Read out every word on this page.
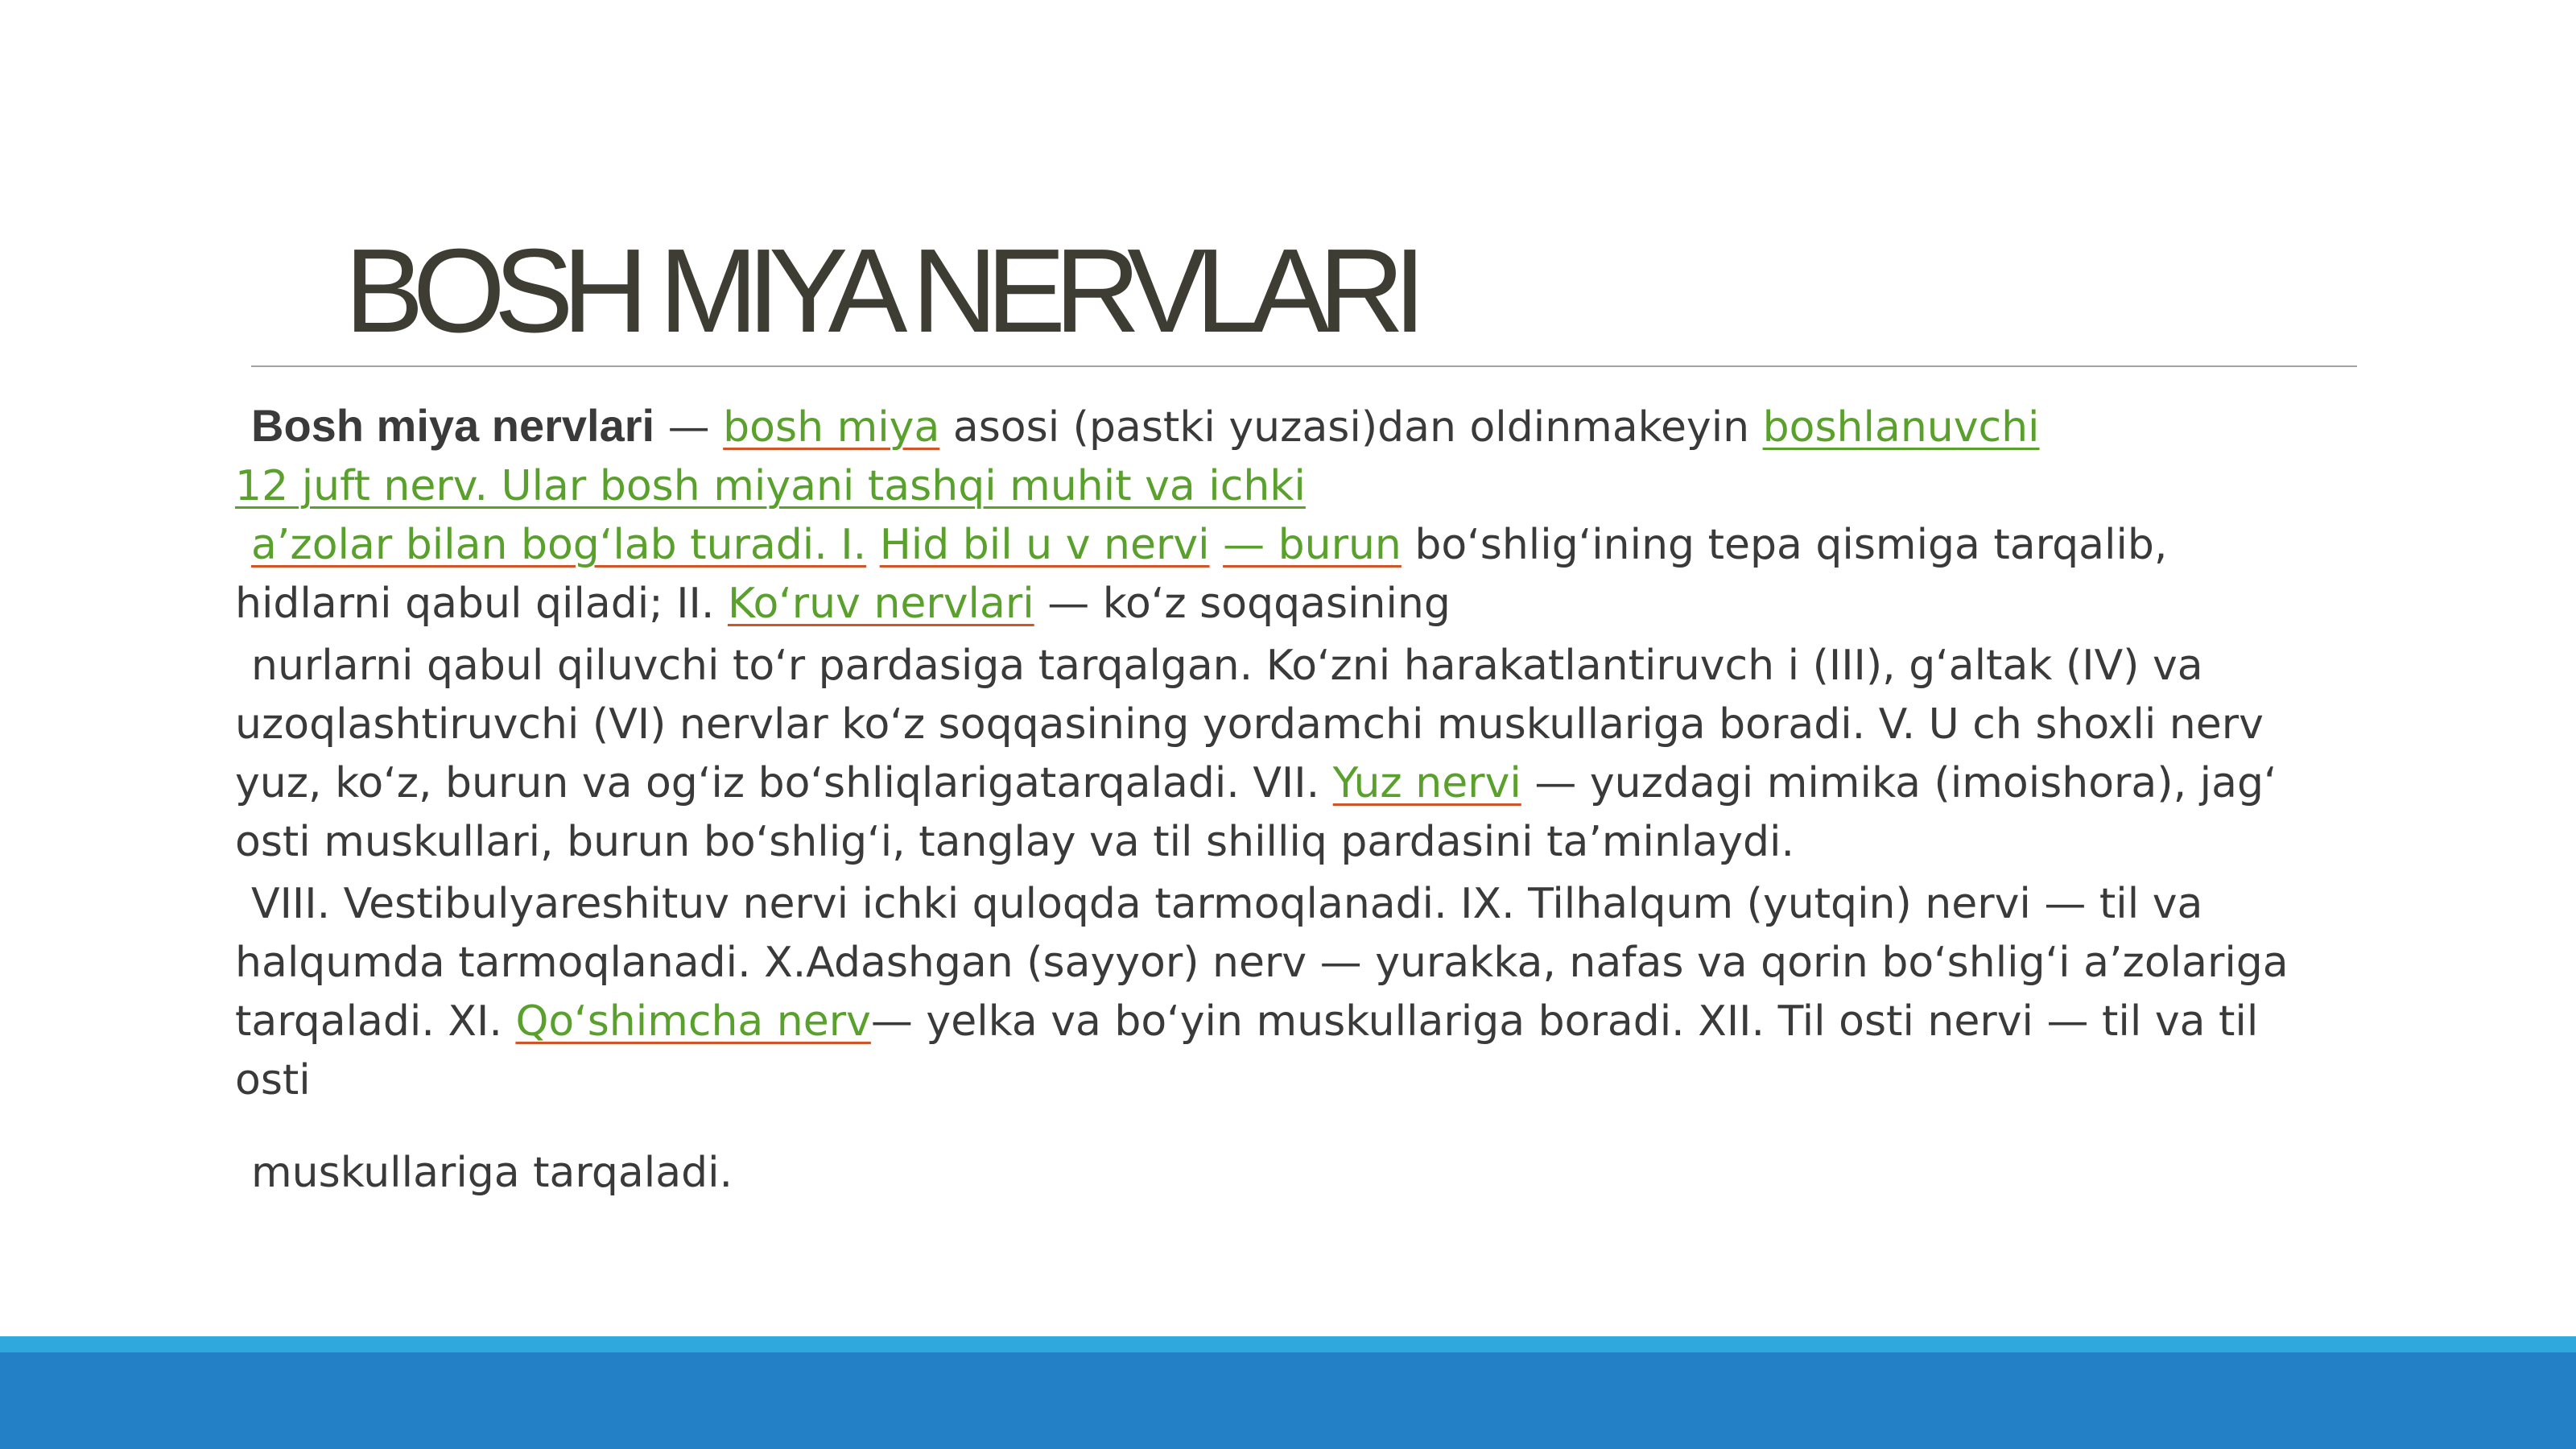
BOSH MIYA NERVLARI
Bosh miya nervlari — bosh miya asosi (pastki yuzasi)dan oldinmakeyin boshlanuvchi
12 juft nerv. Ular bosh miyani tashqi muhit va ichki
a’zolar bilan bog‘lab turadi. I. Hid bil u v nervi — burun bo‘shlig‘ining tepa qismiga tarqalib,
hidlarni qabul qiladi; II. Ko‘ruv nervlari — ko‘z soqqasining
nurlarni qabul qiluvchi to‘r pardasiga tarqalgan. Ko‘zni harakatlantiruvch i (III), g‘altak (IV) va
uzoqlashtiruvchi (VI) nervlar ko‘z soqqasining yordamchi muskullariga boradi. V. U ch shoxli nerv
yuz, ko‘z, burun va og‘iz bo‘shliqlarigatarqaladi. VII. Yuz nervi — yuzdagi mimika (imoishora), jag‘
osti muskullari, burun bo‘shlig‘i, tanglay va til shilliq pardasini ta’minlaydi.
VIII. Vestibulyareshituv nervi ichki quloqda tarmoqlanadi. IX. Tilhalqum (yutqin) nervi — til va
halqumda tarmoqlanadi. X.Adashgan (sayyor) nerv — yurakka, nafas va qorin bo‘shlig‘i a’zolariga
tarqaladi. XI. Qo‘shimcha nerv— yelka va bo‘yin muskullariga boradi. XII. Til osti nervi — til va til
osti
muskullariga tarqaladi.
